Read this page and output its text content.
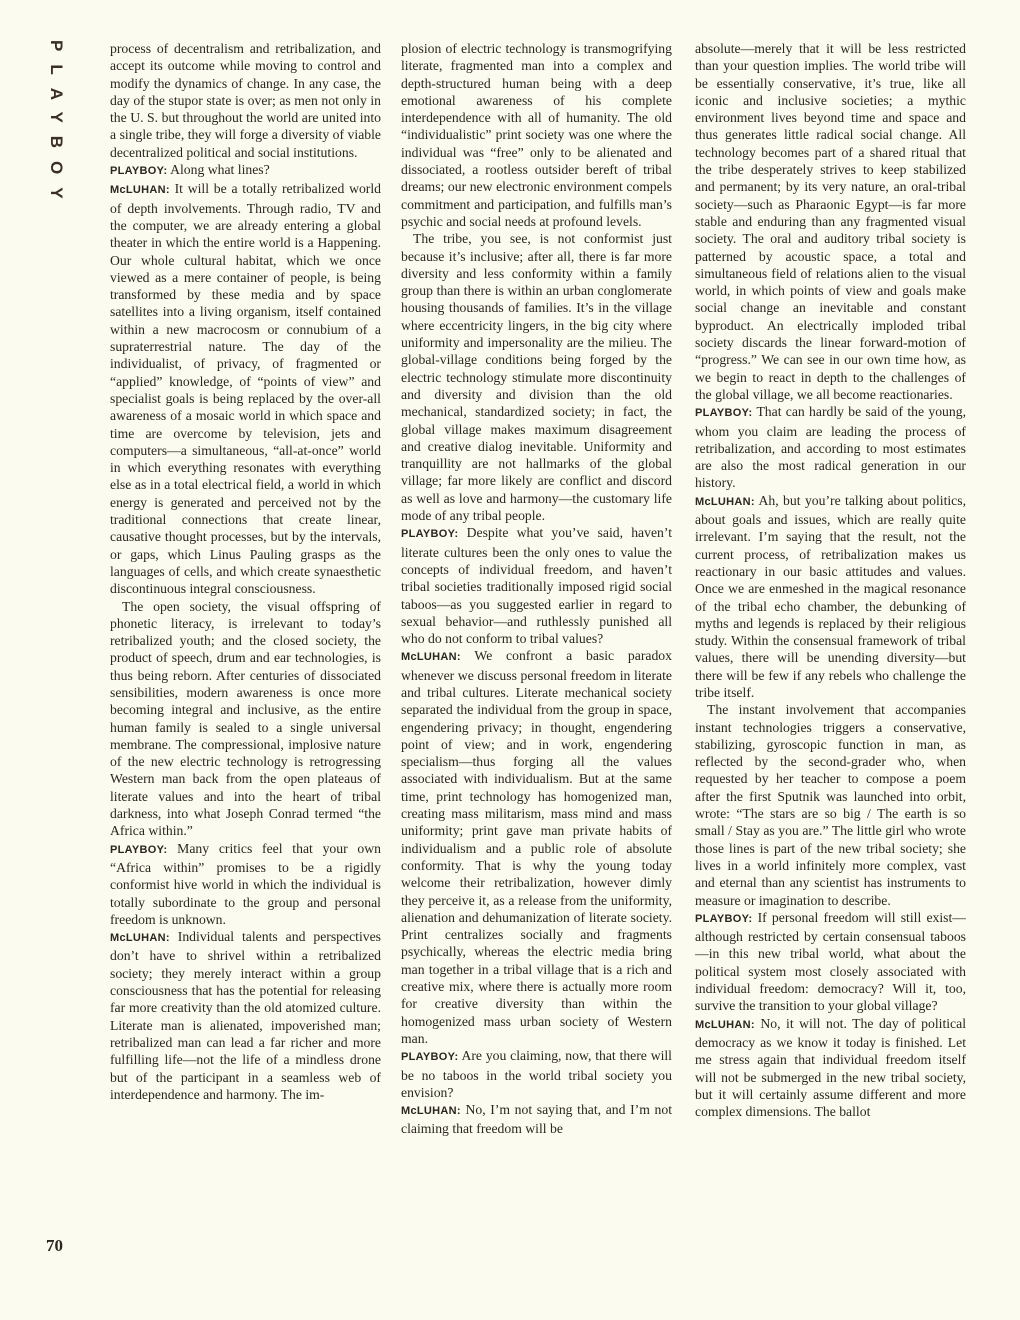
PLAYBOY
70

process of decentralism and retribalization, and accept its outcome while moving to control and modify the dynamics of change. In any case, the day of the stupor state is over; as men not only in the U. S. but throughout the world are united into a single tribe, they will forge a diversity of viable decentralized political and social institutions.

PLAYBOY: Along what lines?

McLUHAN: It will be a totally retribalized world of depth involvements. Through radio, TV and the computer, we are already entering a global theater in which the entire world is a Happening. Our whole cultural habitat, which we once viewed as a mere container of people, is being transformed by these media and by space satellites into a living organism, itself contained within a new macrocosm or connubium of a supraterrestrial nature. The day of the individualist, of privacy, of fragmented or “applied” knowledge, of “points of view” and specialist goals is being replaced by the over-all awareness of a mosaic world in which space and time are overcome by television, jets and computers—a simultaneous, “all-at-once” world in which everything resonates with everything else as in a total electrical field, a world in which energy is generated and perceived not by the traditional connections that create linear, causative thought processes, but by the intervals, or gaps, which Linus Pauling grasps as the languages of cells, and which create synaesthetic discontinuous integral consciousness.

The open society, the visual offspring of phonetic literacy, is irrelevant to today’s retribalized youth; and the closed society, the product of speech, drum and ear technologies, is thus being reborn. After centuries of dissociated sensibilities, modern awareness is once more becoming integral and inclusive, as the entire human family is sealed to a single universal membrane. The compressional, implosive nature of the new electric technology is retrogressing Western man back from the open plateaus of literate values and into the heart of tribal darkness, into what Joseph Conrad termed “the Africa within.”

PLAYBOY: Many critics feel that your own “Africa within” promises to be a rigidly conformist hive world in which the individual is totally subordinate to the group and personal freedom is unknown.

McLUHAN: Individual talents and perspectives don’t have to shrivel within a retribalized society; they merely interact within a group consciousness that has the potential for releasing far more creativity than the old atomized culture. Literate man is alienated, impoverished man; retribalized man can lead a far richer and more fulfilling life—not the life of a mindless drone but of the participant in a seamless web of interdependence and harmony. The im-

plosion of electric technology is transmogrifying literate, fragmented man into a complex and depth-structured human being with a deep emotional awareness of his complete interdependence with all of humanity. The old “individualistic” print society was one where the individual was “free” only to be alienated and dissociated, a rootless outsider bereft of tribal dreams; our new electronic environment compels commitment and participation, and fulfills man’s psychic and social needs at profound levels.

The tribe, you see, is not conformist just because it’s inclusive; after all, there is far more diversity and less conformity within a family group than there is within an urban conglomerate housing thousands of families. It’s in the village where eccentricity lingers, in the big city where uniformity and impersonality are the milieu. The global-village conditions being forged by the electric technology stimulate more discontinuity and diversity and division than the old mechanical, standardized society; in fact, the global village makes maximum disagreement and creative dialog inevitable. Uniformity and tranquillity are not hallmarks of the global village; far more likely are conflict and discord as well as love and harmony—the customary life mode of any tribal people.

PLAYBOY: Despite what you’ve said, haven’t literate cultures been the only ones to value the concepts of individual freedom, and haven’t tribal societies traditionally imposed rigid social taboos—as you suggested earlier in regard to sexual behavior—and ruthlessly punished all who do not conform to tribal values?

McLUHAN: We confront a basic paradox whenever we discuss personal freedom in literate and tribal cultures. Literate mechanical society separated the individual from the group in space, engendering privacy; in thought, engendering point of view; and in work, engendering specialism—thus forging all the values associated with individualism. But at the same time, print technology has homogenized man, creating mass militarism, mass mind and mass uniformity; print gave man private habits of individualism and a public role of absolute conformity. That is why the young today welcome their retribalization, however dimly they perceive it, as a release from the uniformity, alienation and dehumanization of literate society. Print centralizes socially and fragments psychically, whereas the electric media bring man together in a tribal village that is a rich and creative mix, where there is actually more room for creative diversity than within the homogenized mass urban society of Western man.

PLAYBOY: Are you claiming, now, that there will be no taboos in the world tribal society you envision?

McLUHAN: No, I’m not saying that, and I’m not claiming that freedom will be

absolute—merely that it will be less restricted than your question implies. The world tribe will be essentially conservative, it’s true, like all iconic and inclusive societies; a mythic environment lives beyond time and space and thus generates little radical social change. All technology becomes part of a shared ritual that the tribe desperately strives to keep stabilized and permanent; by its very nature, an oral-tribal society—such as Pharaonic Egypt—is far more stable and enduring than any fragmented visual society. The oral and auditory tribal society is patterned by acoustic space, a total and simultaneous field of relations alien to the visual world, in which points of view and goals make social change an inevitable and constant byproduct. An electrically imploded tribal society discards the linear forward-motion of “progress.” We can see in our own time how, as we begin to react in depth to the challenges of the global village, we all become reactionaries.

PLAYBOY: That can hardly be said of the young, whom you claim are leading the process of retribalization, and according to most estimates are also the most radical generation in our history.

McLUHAN: Ah, but you’re talking about politics, about goals and issues, which are really quite irrelevant. I’m saying that the result, not the current process, of retribalization makes us reactionary in our basic attitudes and values. Once we are enmeshed in the magical resonance of the tribal echo chamber, the debunking of myths and legends is replaced by their religious study. Within the consensual framework of tribal values, there will be unending diversity—but there will be few if any rebels who challenge the tribe itself.

The instant involvement that accompanies instant technologies triggers a conservative, stabilizing, gyroscopic function in man, as reflected by the second-grader who, when requested by her teacher to compose a poem after the first Sputnik was launched into orbit, wrote: “The stars are so big / The earth is so small / Stay as you are.” The little girl who wrote those lines is part of the new tribal society; she lives in a world infinitely more complex, vast and eternal than any scientist has instruments to measure or imagination to describe.

PLAYBOY: If personal freedom will still exist—although restricted by certain consensual taboos—in this new tribal world, what about the political system most closely associated with individual freedom: democracy? Will it, too, survive the transition to your global village?

McLUHAN: No, it will not. The day of political democracy as we know it today is finished. Let me stress again that individual freedom itself will not be submerged in the new tribal society, but it will certainly assume different and more complex dimensions. The ballot
